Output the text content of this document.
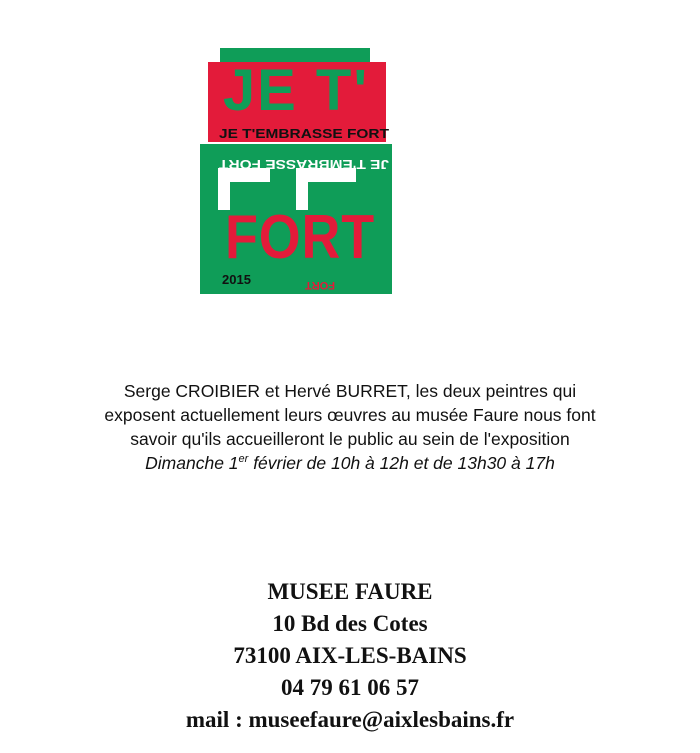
JE T'
JE T'EMBRASSE FORT
JE T'EMBRASSE FORT
FORT
2015	FORT
Serge CROIBIER et Hervé BURRET, les deux peintres qui
exposent actuellement leurs œuvres au musée Faure nous font
savoir qu'ils accueilleront le public au sein de l'exposition
Dimanche 1er février de 10h à 12h et de 13h30 à 17h
MUSEE FAURE
10 Bd des Cotes
73100 AIX-LES-BAINS
04 79 61 06 57
mail : museefaure@aixlesbains.fr
